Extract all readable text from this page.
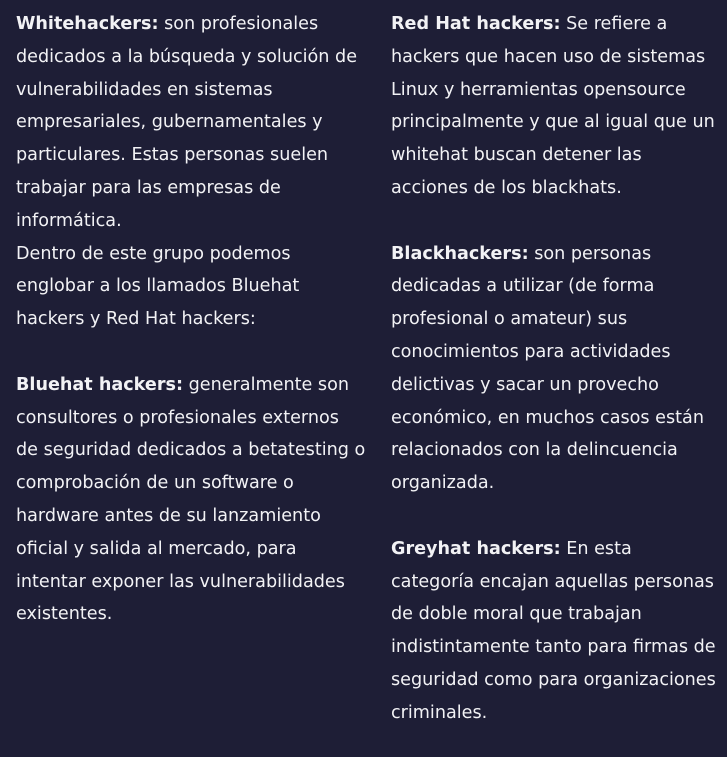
Whitehackers: son profesionales dedicados a la búsqueda y solución de vulnerabilidades en sistemas empresariales, gubernamentales y particulares. Estas personas suelen trabajar para las empresas de informática.

Dentro de este grupo podemos englobar a los llamados Bluehat hackers y Red Hat hackers:

Bluehat hackers: generalmente son consultores o profesionales externos de seguridad dedicados a betatesting o comprobación de un software o hardware antes de su lanzamiento oficial y salida al mercado, para intentar exponer las vulnerabilidades existentes.

Red Hat hackers: Se refiere a hackers que hacen uso de sistemas Linux y herramientas opensource principalmente y que al igual que un whitehat buscan detener las acciones de los blackhats.

Blackhackers: son personas dedicadas a utilizar (de forma profesional o amateur) sus conocimientos para actividades delictivas y sacar un provecho económico, en muchos casos están relacionados con la delincuencia organizada.

Greyhat hackers: En esta categoría encajan aquellas personas de doble moral que trabajan indistintamente tanto para firmas de seguridad como para organizaciones criminales.
